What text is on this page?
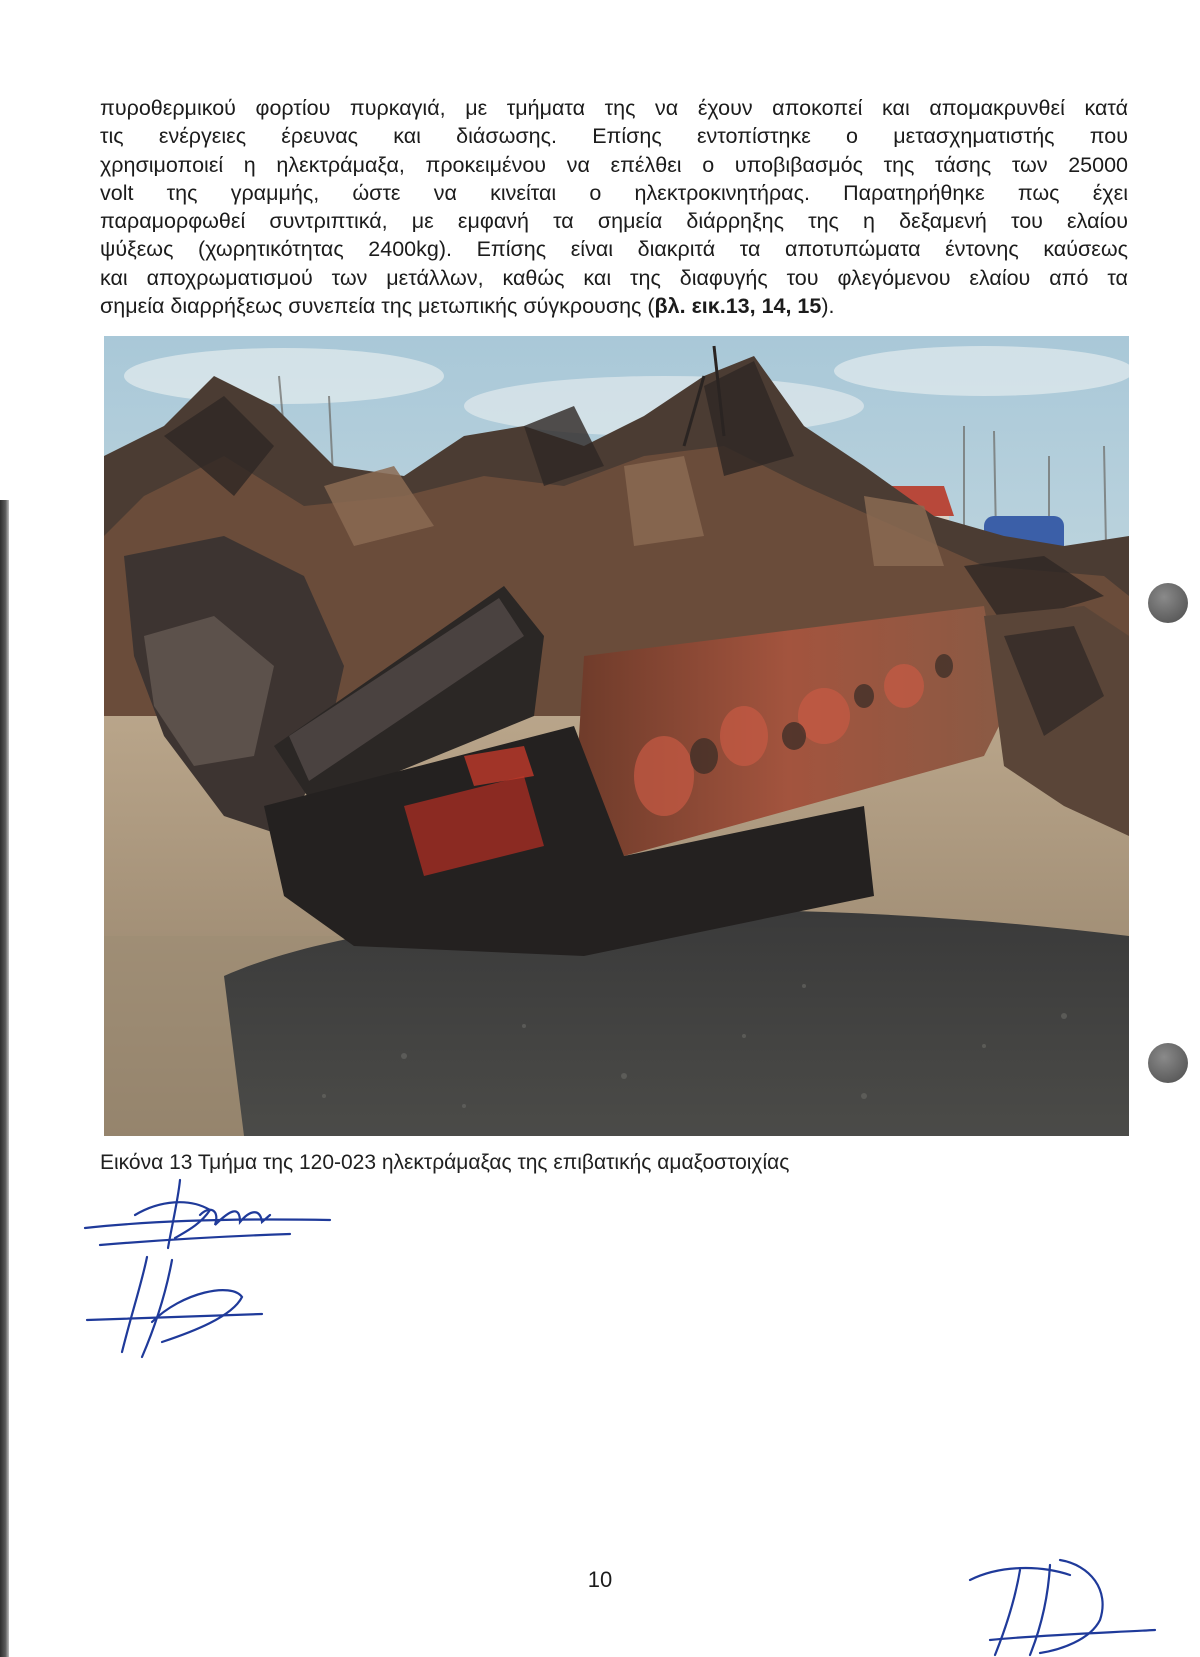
πυροθερμικού φορτίου πυρκαγιά, με τμήματα της να έχουν αποκοπεί και απομακρυνθεί κατά

τις ενέργειες έρευνας και διάσωσης. Επίσης εντοπίστηκε ο μετασχηματιστής που

χρησιμοποιεί η ηλεκτράμαξα, προκειμένου να επέλθει ο υποβιβασμός της τάσης των 25000

volt της γραμμής, ώστε να κινείται ο ηλεκτροκινητήρας. Παρατηρήθηκε πως έχει

παραμορφωθεί συντριπτικά, με εμφανή τα σημεία διάρρηξης της η δεξαμενή του ελαίου

ψύξεως (χωρητικότητας 2400kg). Επίσης είναι διακριτά τα αποτυπώματα έντονης καύσεως

και αποχρωματισμού των μετάλλων, καθώς και της διαφυγής του φλεγόμενου ελαίου από τα

σημεία διαρρήξεως συνεπεία της μετωπικής σύγκρουσης (βλ. εικ.13, 14, 15).

Εικόνα 13 Τμήμα της 120-023 ηλεκτράμαξας της επιβατικής αμαξοστοιχίας
10
